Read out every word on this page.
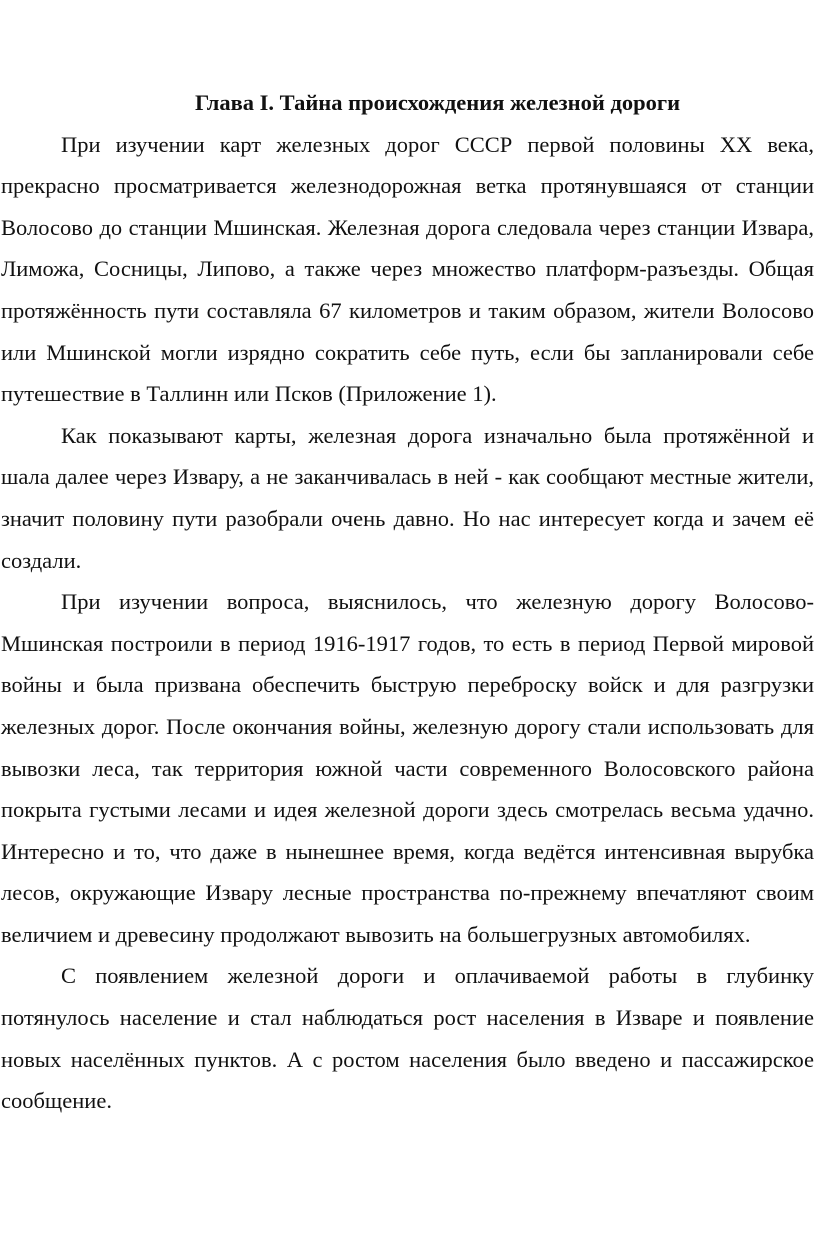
Глава I. Тайна происхождения железной дороги

При изучении карт железных дорог СССР первой половины XX века, прекрасно просматривается железнодорожная ветка протянувшаяся от станции Волосово до станции Мшинская. Железная дорога следовала через станции Извара, Лиможа, Сосницы, Липово, а также через множество платформ-разъезды. Общая протяжённость пути составляла 67 километров и таким образом, жители Волосово или Мшинской могли изрядно сократить себе путь, если бы запланировали себе путешествие в Таллинн или Псков (Приложение 1).

Как показывают карты, железная дорога изначально была протяжённой и шала далее через Извару, а не заканчивалась в ней - как сообщают местные жители, значит половину пути разобрали очень давно. Но нас интересует когда и зачем её создали.

При изучении вопроса, выяснилось, что железную дорогу Волосово-Мшинская построили в период 1916-1917 годов, то есть в период Первой мировой войны и была призвана обеспечить быструю переброску войск и для разгрузки железных дорог. После окончания войны, железную дорогу стали использовать для вывозки леса, так территория южной части современного Волосовского района покрыта густыми лесами и идея железной дороги здесь смотрелась весьма удачно. Интересно и то, что даже в нынешнее время, когда ведётся интенсивная вырубка лесов, окружающие Извару лесные пространства по-прежнему впечатляют своим величием и древесину продолжают вывозить на большегрузных автомобилях.

С появлением железной дороги и оплачиваемой работы в глубинку потянулось население и стал наблюдаться рост населения в Изваре и появление новых населённых пунктов. А с ростом населения было введено и пассажирское сообщение.
